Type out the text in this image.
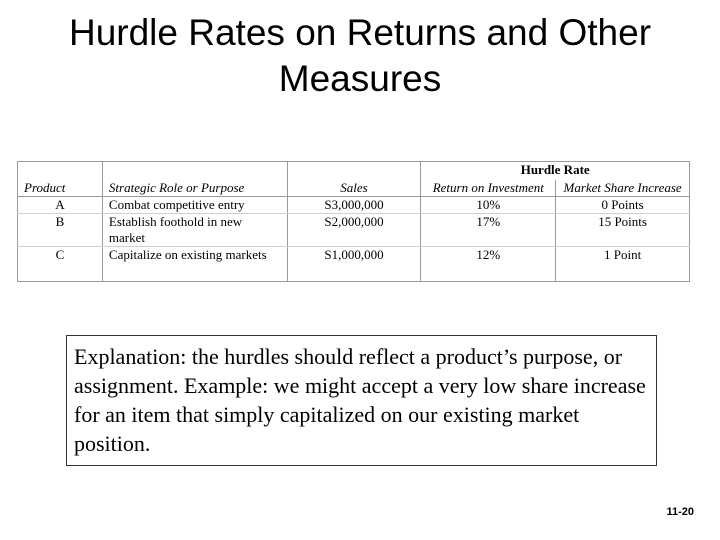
Hurdle Rates on Returns and Other
Measures
			Hurdle Rate	
Product	Strategic Role or Purpose	Sales	Return on Investment	Market Share Increase
A	Combat competitive entry	S3,000,000	10%	0 Points
B	Establish foothold in new market	S2,000,000	17%	15 Points
C	Capitalize on existing markets	S1,000,000	12%	1 Point
Explanation: the hurdles should reflect a product’s purpose, or assignment. Example: we might accept a very low share increase for an item that simply capitalized on our existing market position.
11-20
